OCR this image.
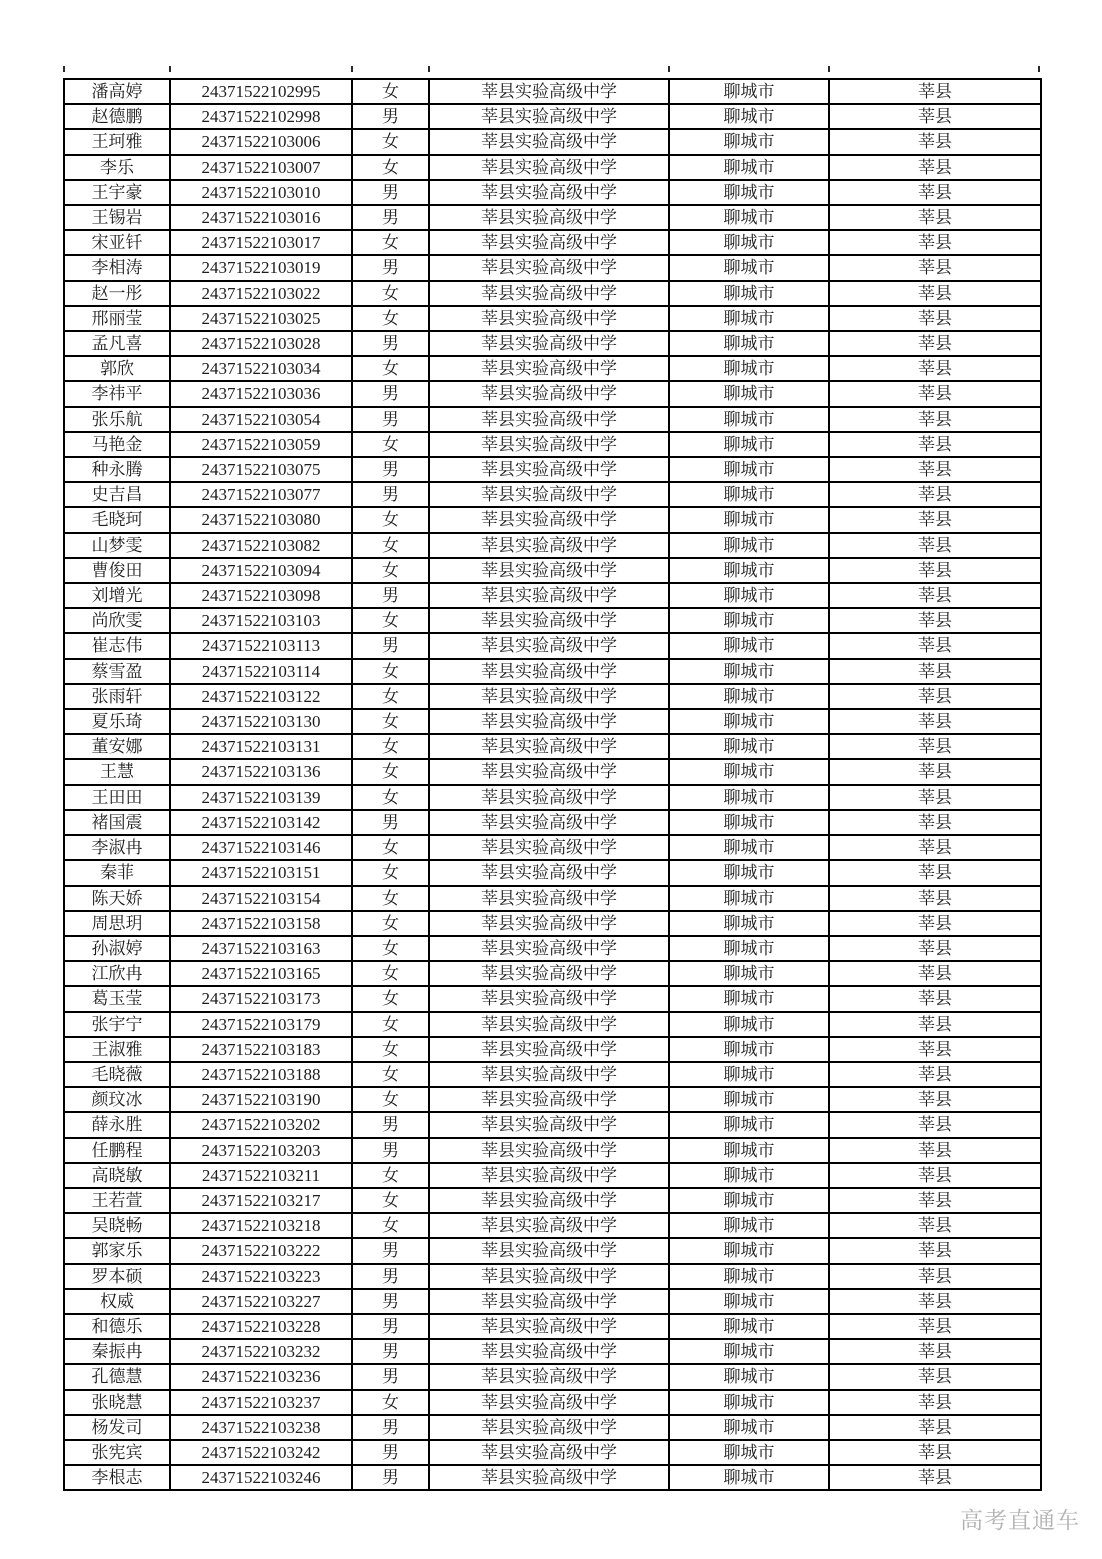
潘高婷	24371522102995	女	莘县实验高级中学	聊城市	莘县
赵德鹏	24371522102998	男	莘县实验高级中学	聊城市	莘县
王珂雅	24371522103006	女	莘县实验高级中学	聊城市	莘县
李乐	24371522103007	女	莘县实验高级中学	聊城市	莘县
王宇豪	24371522103010	男	莘县实验高级中学	聊城市	莘县
王锡岩	24371522103016	男	莘县实验高级中学	聊城市	莘县
宋亚钎	24371522103017	女	莘县实验高级中学	聊城市	莘县
李相涛	24371522103019	男	莘县实验高级中学	聊城市	莘县
赵一彤	24371522103022	女	莘县实验高级中学	聊城市	莘县
邢丽莹	24371522103025	女	莘县实验高级中学	聊城市	莘县
孟凡喜	24371522103028	男	莘县实验高级中学	聊城市	莘县
郭欣	24371522103034	女	莘县实验高级中学	聊城市	莘县
李祎平	24371522103036	男	莘县实验高级中学	聊城市	莘县
张乐航	24371522103054	男	莘县实验高级中学	聊城市	莘县
马艳金	24371522103059	女	莘县实验高级中学	聊城市	莘县
种永腾	24371522103075	男	莘县实验高级中学	聊城市	莘县
史吉昌	24371522103077	男	莘县实验高级中学	聊城市	莘县
毛晓珂	24371522103080	女	莘县实验高级中学	聊城市	莘县
山梦雯	24371522103082	女	莘县实验高级中学	聊城市	莘县
曹俊田	24371522103094	女	莘县实验高级中学	聊城市	莘县
刘增光	24371522103098	男	莘县实验高级中学	聊城市	莘县
尚欣雯	24371522103103	女	莘县实验高级中学	聊城市	莘县
崔志伟	24371522103113	男	莘县实验高级中学	聊城市	莘县
蔡雪盈	24371522103114	女	莘县实验高级中学	聊城市	莘县
张雨轩	24371522103122	女	莘县实验高级中学	聊城市	莘县
夏乐琦	24371522103130	女	莘县实验高级中学	聊城市	莘县
董安娜	24371522103131	女	莘县实验高级中学	聊城市	莘县
王慧	24371522103136	女	莘县实验高级中学	聊城市	莘县
王田田	24371522103139	女	莘县实验高级中学	聊城市	莘县
褚国震	24371522103142	男	莘县实验高级中学	聊城市	莘县
李淑冉	24371522103146	女	莘县实验高级中学	聊城市	莘县
秦菲	24371522103151	女	莘县实验高级中学	聊城市	莘县
陈天娇	24371522103154	女	莘县实验高级中学	聊城市	莘县
周思玥	24371522103158	女	莘县实验高级中学	聊城市	莘县
孙淑婷	24371522103163	女	莘县实验高级中学	聊城市	莘县
江欣冉	24371522103165	女	莘县实验高级中学	聊城市	莘县
葛玉莹	24371522103173	女	莘县实验高级中学	聊城市	莘县
张宇宁	24371522103179	女	莘县实验高级中学	聊城市	莘县
王淑雅	24371522103183	女	莘县实验高级中学	聊城市	莘县
毛晓薇	24371522103188	女	莘县实验高级中学	聊城市	莘县
颜玟冰	24371522103190	女	莘县实验高级中学	聊城市	莘县
薛永胜	24371522103202	男	莘县实验高级中学	聊城市	莘县
任鹏程	24371522103203	男	莘县实验高级中学	聊城市	莘县
高晓敏	24371522103211	女	莘县实验高级中学	聊城市	莘县
王若萱	24371522103217	女	莘县实验高级中学	聊城市	莘县
吴晓畅	24371522103218	女	莘县实验高级中学	聊城市	莘县
郭家乐	24371522103222	男	莘县实验高级中学	聊城市	莘县
罗本硕	24371522103223	男	莘县实验高级中学	聊城市	莘县
权威	24371522103227	男	莘县实验高级中学	聊城市	莘县
和德乐	24371522103228	男	莘县实验高级中学	聊城市	莘县
秦振冉	24371522103232	男	莘县实验高级中学	聊城市	莘县
孔德慧	24371522103236	男	莘县实验高级中学	聊城市	莘县
张晓慧	24371522103237	女	莘县实验高级中学	聊城市	莘县
杨发司	24371522103238	男	莘县实验高级中学	聊城市	莘县
张宪宾	24371522103242	男	莘县实验高级中学	聊城市	莘县
李根志	24371522103246	男	莘县实验高级中学	聊城市	莘县
高考直通车
